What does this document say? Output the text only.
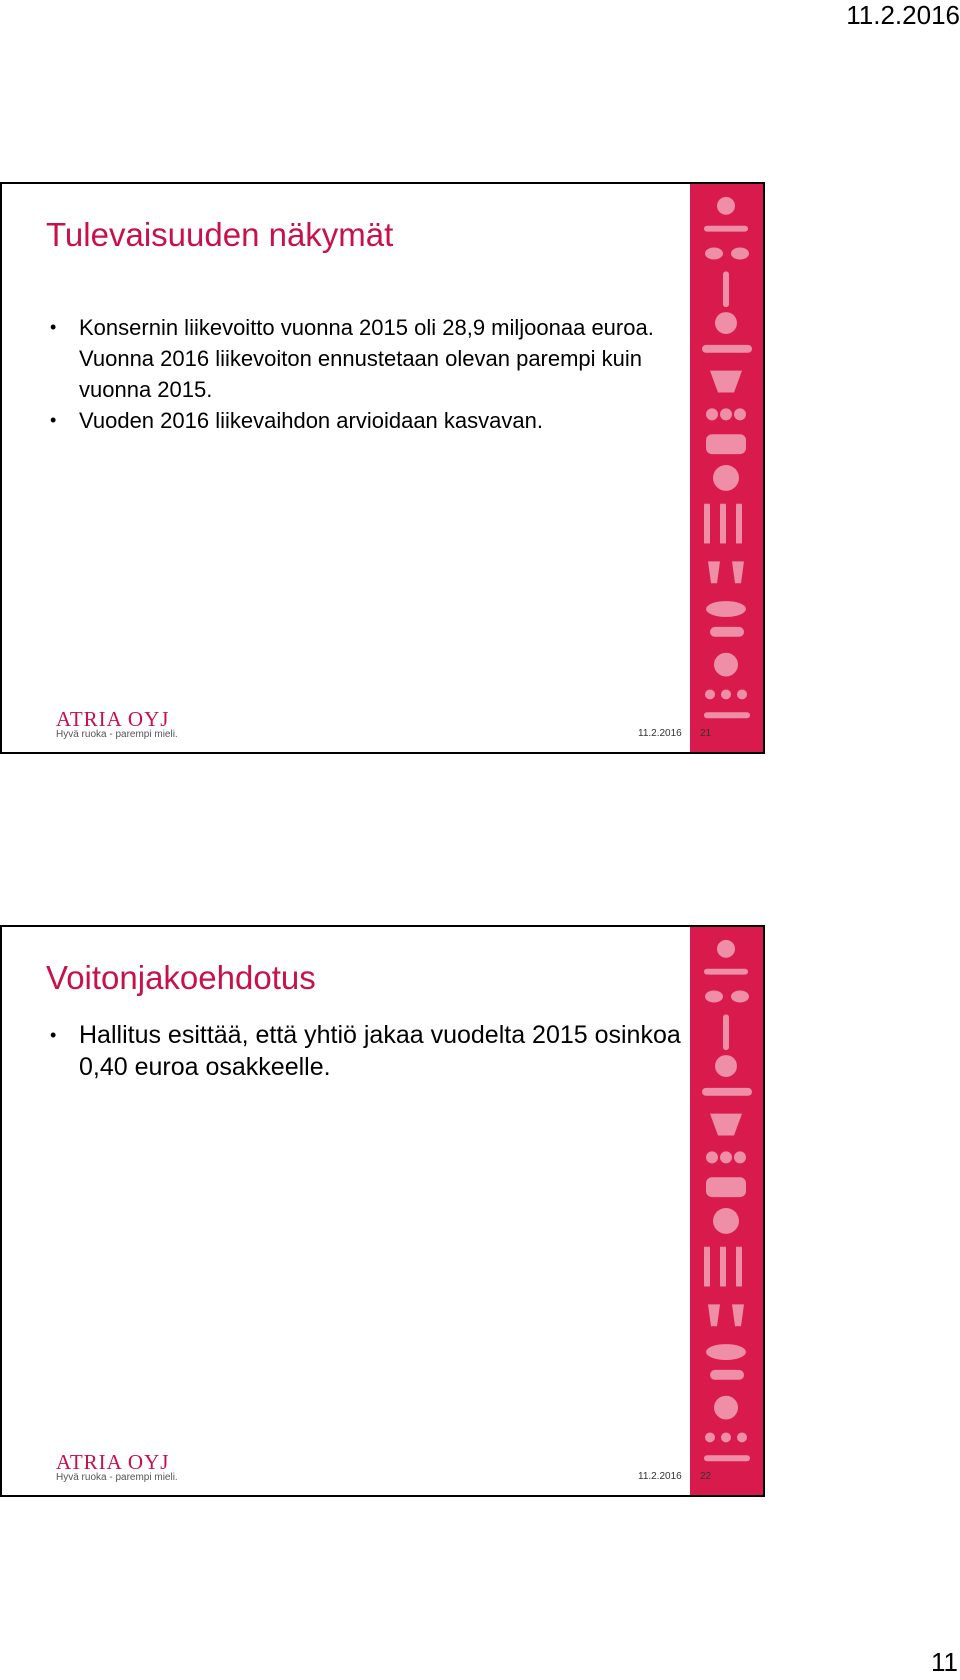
11.2.2016
Tulevaisuuden näkymät
• Konsernin liikevoitto vuonna 2015 oli 28,9 miljoonaa euroa. Vuonna 2016 liikevoiton ennustetaan olevan parempi kuin vuonna 2015.
• Vuoden 2016 liikevaihdon arvioidaan kasvavan.
ATRIA OYJ
Hyvä ruoka - parempi mieli.	11.2.2016 21
Voitonjakoehdotus
• Hallitus esittää, että yhtiö jakaa vuodelta 2015 osinkoa 0,40 euroa osakkeelle.
ATRIA OYJ
Hyvä ruoka - parempi mieli.	11.2.2016 22
11
